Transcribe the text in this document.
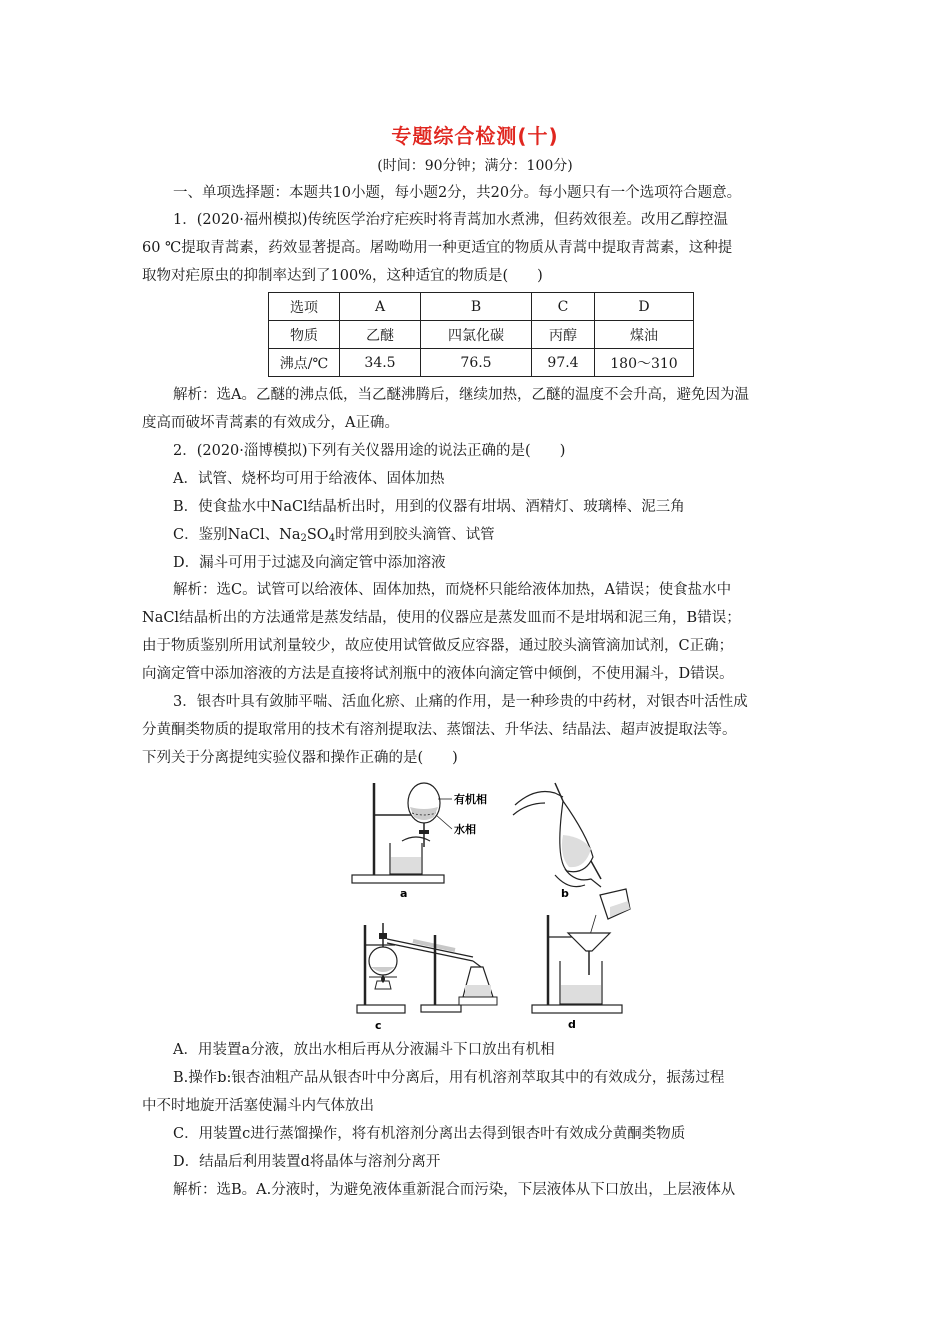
专题综合检测(十)
(时间：90分钟；满分：100分)
一、单项选择题：本题共10小题，每小题2分，共20分。每小题只有一个选项符合题意。
1．(2020·福州模拟)传统医学治疗疟疾时将青蒿加水煮沸，但药效很差。改用乙醇控温
60 ℃提取青蒿素，药效显著提高。屠呦呦用一种更适宜的物质从青蒿中提取青蒿素，这种提
取物对疟原虫的抑制率达到了100%，这种适宜的物质是(　　)
选项	A	B	C	D
物质	乙醚	四氯化碳	丙醇	煤油
沸点/℃	34.5	76.5	97.4	180～310
解析：选A。乙醚的沸点低，当乙醚沸腾后，继续加热，乙醚的温度不会升高，避免因为温
度高而破坏青蒿素的有效成分，A正确。
2．(2020·淄博模拟)下列有关仪器用途的说法正确的是(　　)
A．试管、烧杯均可用于给液体、固体加热
B．使食盐水中NaCl结晶析出时，用到的仪器有坩埚、酒精灯、玻璃棒、泥三角
C．鉴别NaCl、$Na_2SO_4$时常用到胶头滴管、试管
D．漏斗可用于过滤及向滴定管中添加溶液
解析：选C。试管可以给液体、固体加热，而烧杯只能给液体加热，A错误；使食盐水中
NaCl结晶析出的方法通常是蒸发结晶，使用的仪器应是蒸发皿而不是坩埚和泥三角，B错误；
由于物质鉴别所用试剂量较少，故应使用试管做反应容器，通过胶头滴管滴加试剂，C正确；
向滴定管中添加溶液的方法是直接将试剂瓶中的液体向滴定管中倾倒，不使用漏斗，D错误。
3．银杏叶具有敛肺平喘、活血化瘀、止痛的作用，是一种珍贵的中药材，对银杏叶活性成
分黄酮类物质的提取常用的技术有溶剂提取法、蒸馏法、升华法、结晶法、超声波提取法等。
下列关于分离提纯实验仪器和操作正确的是(　　)
有机相
水相
a	b
c	d
A．用装置a分液，放出水相后再从分液漏斗下口放出有机相
B.操作b:银杏油粗产品从银杏叶中分离后，用有机溶剂萃取其中的有效成分，振荡过程
中不时地旋开活塞使漏斗内气体放出
C．用装置c进行蒸馏操作，将有机溶剂分离出去得到银杏叶有效成分黄酮类物质
D．结晶后利用装置d将晶体与溶剂分离开
解析：选B。A.分液时，为避免液体重新混合而污染，下层液体从下口放出，上层液体从
